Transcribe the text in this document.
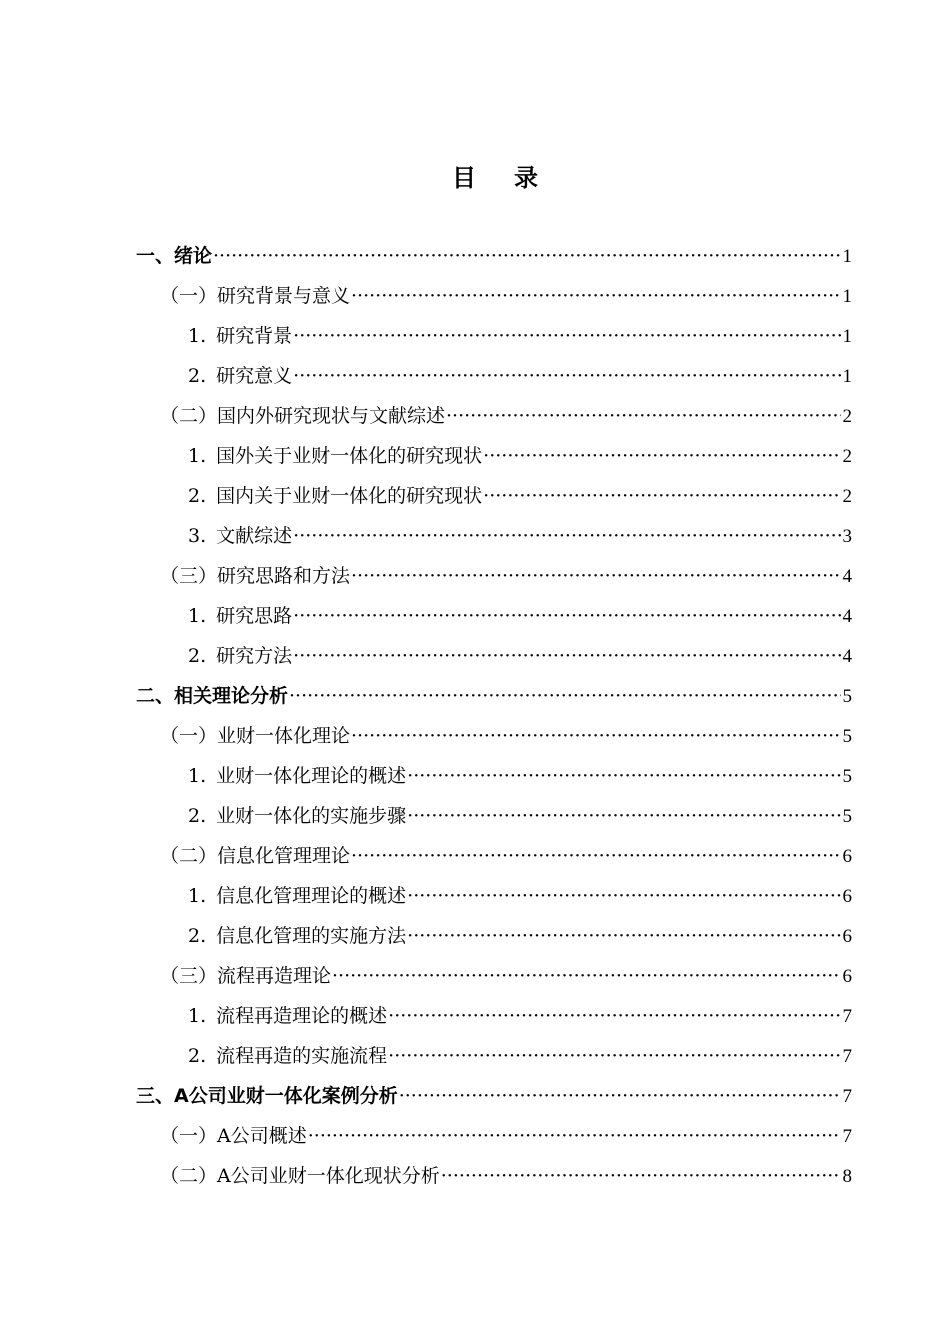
目 录
一、绪论 ·····	1
（一）研究背景与意义 ·····	1
1. 研究背景 ·····	1
2. 研究意义 ·····	1
（二）国内外研究现状与文献综述 ·····	2
1. 国外关于业财一体化的研究现状 ·····	2
2. 国内关于业财一体化的研究现状 ·····	2
3. 文献综述 ·····	3
（三）研究思路和方法 ·····	4
1. 研究思路 ·····	4
2. 研究方法 ·····	4
二、相关理论分析 ·····	5
（一）业财一体化理论 ·····	5
1. 业财一体化理论的概述 ·····	5
2. 业财一体化的实施步骤 ·····	5
（二）信息化管理理论 ·····	6
1. 信息化管理理论的概述 ·····	6
2. 信息化管理的实施方法 ·····	6
（三）流程再造理论 ·····	6
1. 流程再造理论的概述 ·····	7
2. 流程再造的实施流程 ·····	7
三、A公司业财一体化案例分析 ·····	7
（一）A公司概述 ·····	7
（二）A公司业财一体化现状分析 ·····	8
